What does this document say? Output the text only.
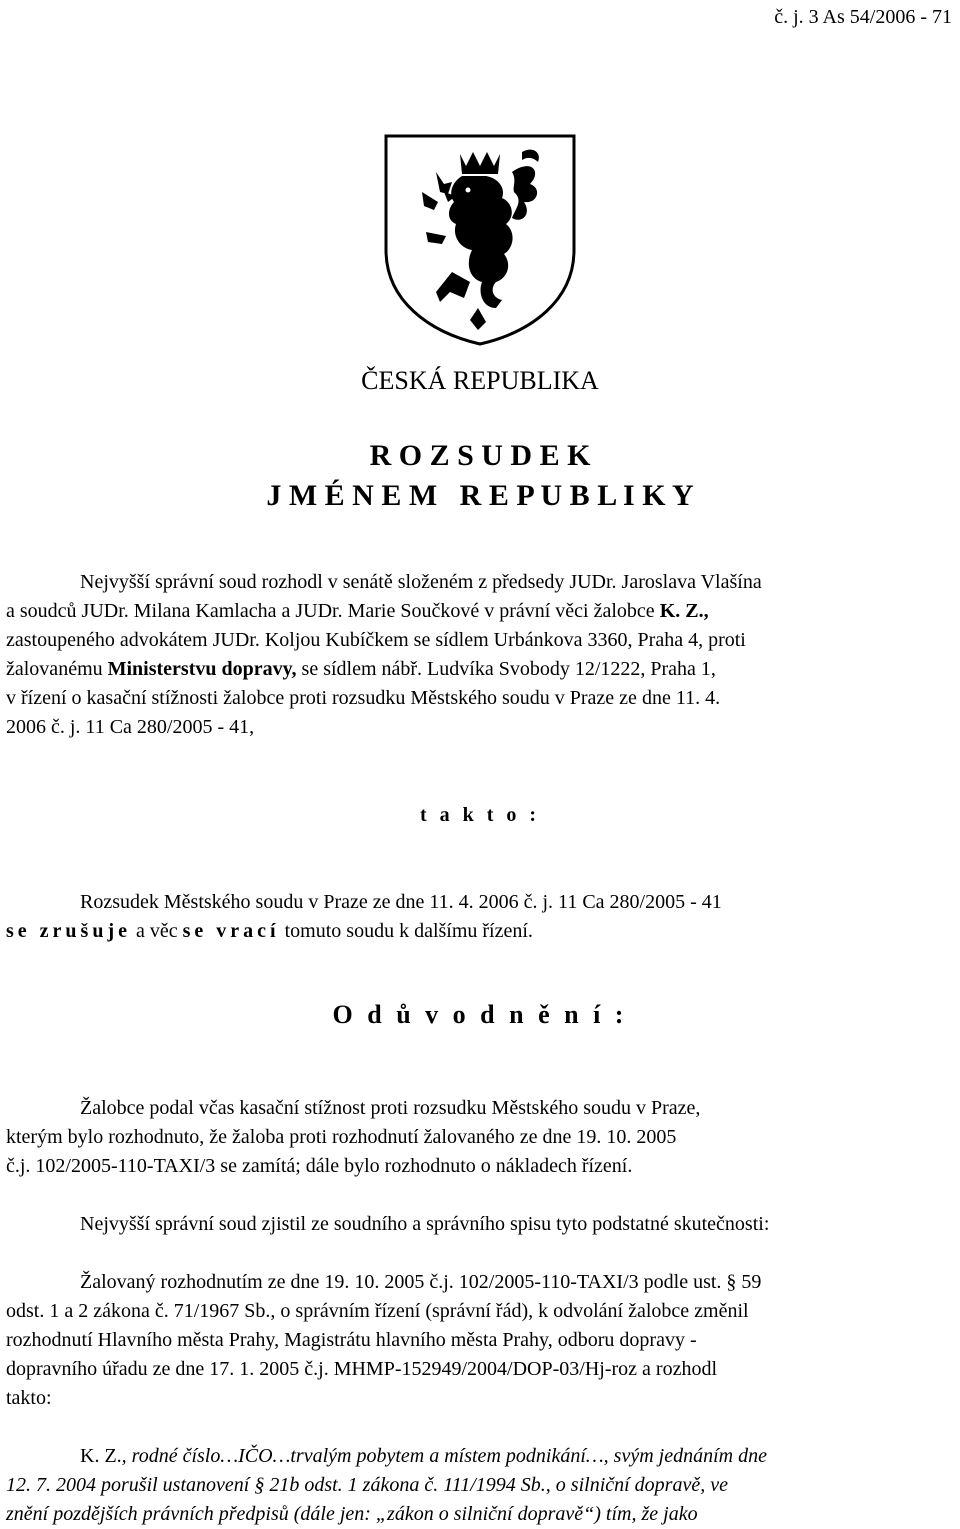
č. j. 3 As 54/2006 - 71
ČESKÁ REPUBLIKA
R O Z S U D E K
J M É N E M   R E P U B L I K Y

Nejvyšší správní soud rozhodl v senátě složeném z předsedy JUDr. Jaroslava Vlašína

a soudců JUDr. Milana Kamlacha a JUDr. Marie Součkové v právní věci žalobce K. Z.,

zastoupeného advokátem JUDr. Koljou Kubíčkem se sídlem Urbánkova 3360, Praha 4, proti

žalovanému Ministerstvu dopravy, se sídlem nábř. Ludvíka Svobody 12/1222, Praha 1,

v řízení o kasační stížnosti žalobce proti rozsudku Městského soudu v Praze ze dne 11. 4.

2006 č. j. 11 Ca 280/2005 - 41,

t a k t o :

Rozsudek Městského soudu v Praze ze dne 11. 4. 2006 č. j. 11 Ca 280/2005 - 41

se zrušuje a věc se vrací tomuto soudu k dalšímu řízení.

O d ů v o d n ě n í :

Žalobce podal včas kasační stížnost proti rozsudku Městského soudu v Praze,

kterým bylo rozhodnuto, že žaloba proti rozhodnutí žalovaného ze dne 19. 10. 2005

č.j. 102/2005-110-TAXI/3 se zamítá; dále bylo rozhodnuto o nákladech řízení.

Nejvyšší správní soud zjistil ze soudního a správního spisu tyto podstatné skutečnosti:

Žalovaný rozhodnutím ze dne 19. 10. 2005 č.j. 102/2005-110-TAXI/3 podle ust. § 59

odst. 1 a 2 zákona č. 71/1967 Sb., o správním řízení (správní řád), k odvolání žalobce změnil

rozhodnutí Hlavního města Prahy, Magistrátu hlavního města Prahy, odboru dopravy -

dopravního úřadu ze dne 17. 1. 2005 č.j. MHMP-152949/2004/DOP-03/Hj-roz a rozhodl

takto:

K. Z., rodné číslo…IČO…trvalým pobytem a místem podnikání…, svým jednáním dne

12. 7. 2004 porušil ustanovení § 21b odst. 1 zákona č. 111/1994 Sb., o silniční dopravě, ve

znění pozdějších právních předpisů (dále jen: „zákon o silniční dopravě“) tím, že jako
